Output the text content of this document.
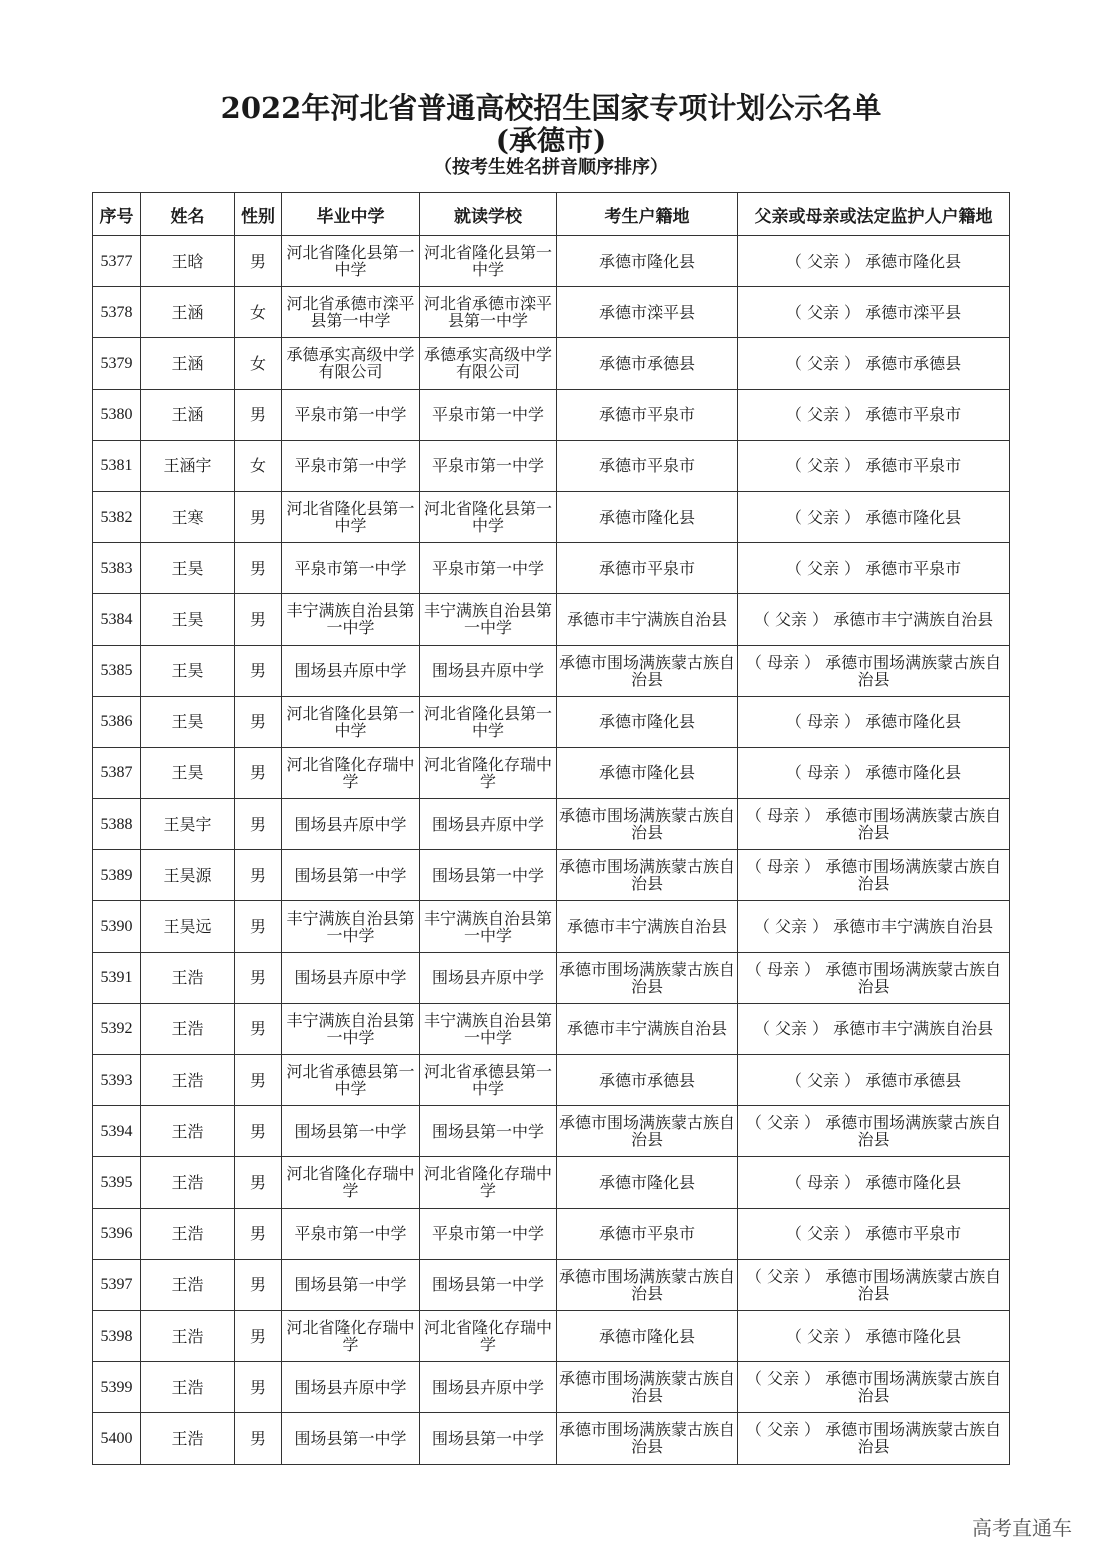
2022年河北省普通高校招生国家专项计划公示名单
(承德市)
（按考生姓名拼音顺序排序）
序号	姓名	性别	毕业中学	就读学校	考生户籍地	父亲或母亲或法定监护人户籍地
5377	王晗	男	河北省隆化县第一中学	河北省隆化县第一中学	承德市隆化县	（ 父亲 ） 承德市隆化县
5378	王涵	女	河北省承德市滦平县第一中学	河北省承德市滦平县第一中学	承德市滦平县	（ 父亲 ） 承德市滦平县
5379	王涵	女	承德承实高级中学有限公司	承德承实高级中学有限公司	承德市承德县	（ 父亲 ） 承德市承德县
5380	王涵	男	平泉市第一中学	平泉市第一中学	承德市平泉市	（ 父亲 ） 承德市平泉市
5381	王涵宇	女	平泉市第一中学	平泉市第一中学	承德市平泉市	（ 父亲 ） 承德市平泉市
5382	王寒	男	河北省隆化县第一中学	河北省隆化县第一中学	承德市隆化县	（ 父亲 ） 承德市隆化县
5383	王昊	男	平泉市第一中学	平泉市第一中学	承德市平泉市	（ 父亲 ） 承德市平泉市
5384	王昊	男	丰宁满族自治县第一中学	丰宁满族自治县第一中学	承德市丰宁满族自治县	（ 父亲 ） 承德市丰宁满族自治县
5385	王昊	男	围场县卉原中学	围场县卉原中学	承德市围场满族蒙古族自治县	（ 母亲 ） 承德市围场满族蒙古族自治县
5386	王昊	男	河北省隆化县第一中学	河北省隆化县第一中学	承德市隆化县	（ 母亲 ） 承德市隆化县
5387	王昊	男	河北省隆化存瑞中学	河北省隆化存瑞中学	承德市隆化县	（ 母亲 ） 承德市隆化县
5388	王昊宇	男	围场县卉原中学	围场县卉原中学	承德市围场满族蒙古族自治县	（ 母亲 ） 承德市围场满族蒙古族自治县
5389	王昊源	男	围场县第一中学	围场县第一中学	承德市围场满族蒙古族自治县	（ 母亲 ） 承德市围场满族蒙古族自治县
5390	王昊远	男	丰宁满族自治县第一中学	丰宁满族自治县第一中学	承德市丰宁满族自治县	（ 父亲 ） 承德市丰宁满族自治县
5391	王浩	男	围场县卉原中学	围场县卉原中学	承德市围场满族蒙古族自治县	（ 母亲 ） 承德市围场满族蒙古族自治县
5392	王浩	男	丰宁满族自治县第一中学	丰宁满族自治县第一中学	承德市丰宁满族自治县	（ 父亲 ） 承德市丰宁满族自治县
5393	王浩	男	河北省承德县第一中学	河北省承德县第一中学	承德市承德县	（ 父亲 ） 承德市承德县
5394	王浩	男	围场县第一中学	围场县第一中学	承德市围场满族蒙古族自治县	（ 父亲 ） 承德市围场满族蒙古族自治县
5395	王浩	男	河北省隆化存瑞中学	河北省隆化存瑞中学	承德市隆化县	（ 母亲 ） 承德市隆化县
5396	王浩	男	平泉市第一中学	平泉市第一中学	承德市平泉市	（ 父亲 ） 承德市平泉市
5397	王浩	男	围场县第一中学	围场县第一中学	承德市围场满族蒙古族自治县	（ 父亲 ） 承德市围场满族蒙古族自治县
5398	王浩	男	河北省隆化存瑞中学	河北省隆化存瑞中学	承德市隆化县	（ 父亲 ） 承德市隆化县
5399	王浩	男	围场县卉原中学	围场县卉原中学	承德市围场满族蒙古族自治县	（ 父亲 ） 承德市围场满族蒙古族自治县
5400	王浩	男	围场县第一中学	围场县第一中学	承德市围场满族蒙古族自治县	（ 父亲 ） 承德市围场满族蒙古族自治县
高考直通车
